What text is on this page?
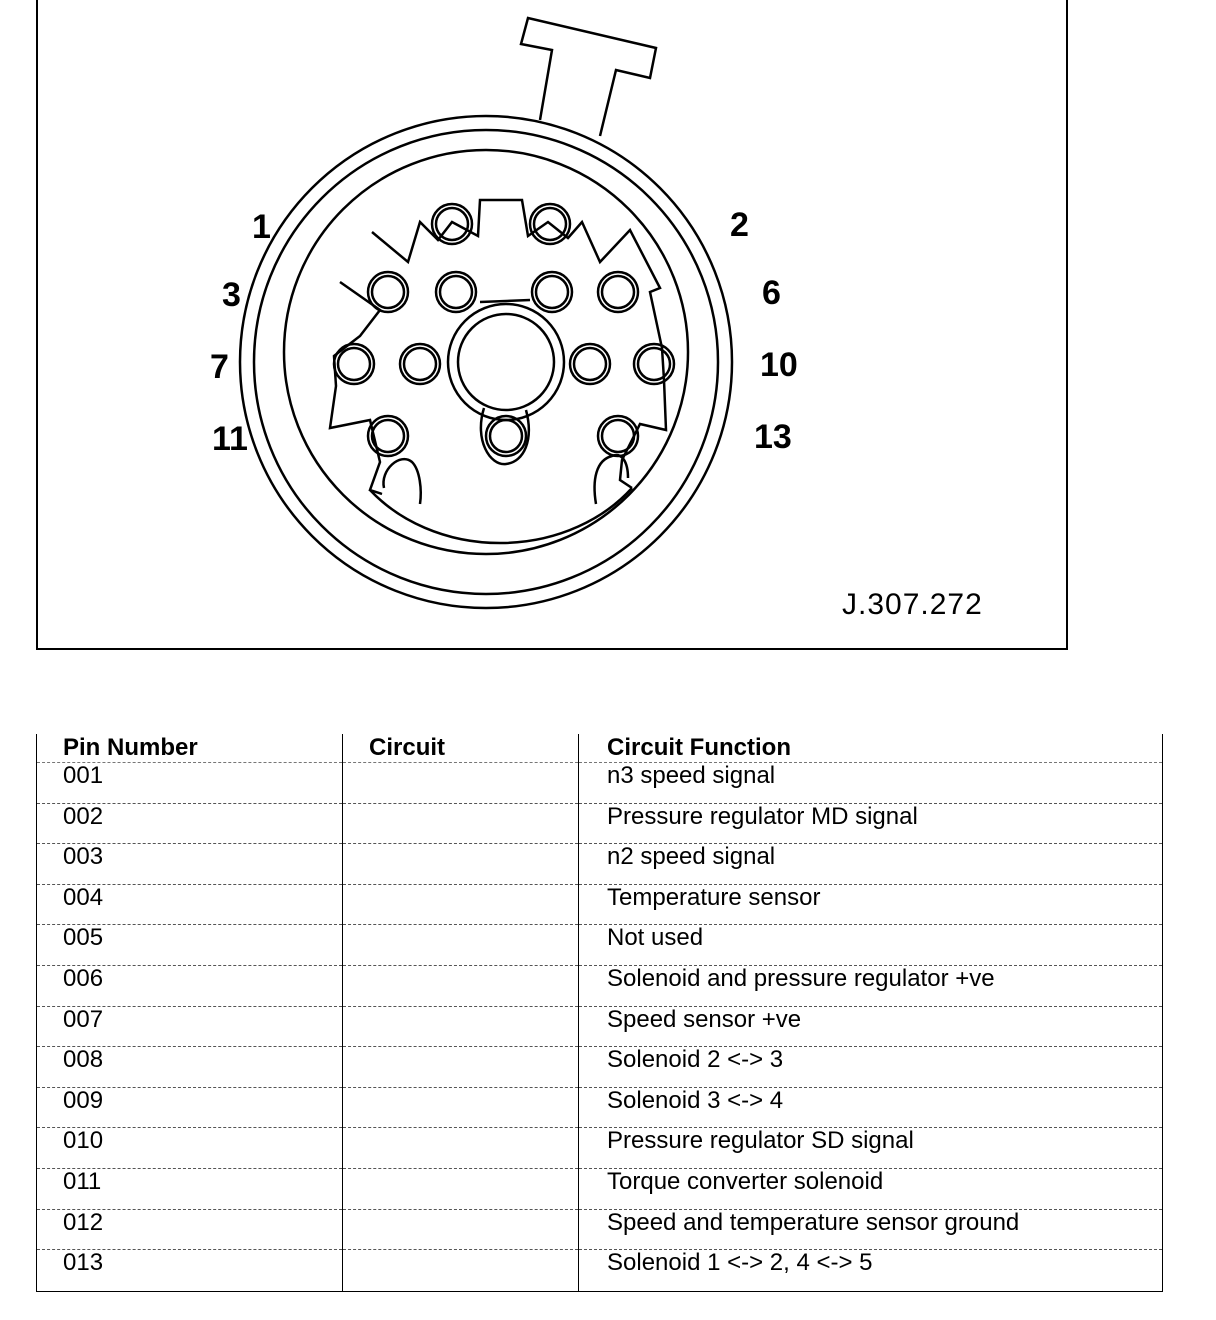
1	2
3	6
7	10
11	13
J.307.272
Pin Number	Circuit	Circuit Function
001		n3 speed signal
002		Pressure regulator MD signal
003		n2 speed signal
004		Temperature sensor
005		Not used
006		Solenoid and pressure regulator +ve
007		Speed sensor +ve
008		Solenoid 2 <-> 3
009		Solenoid 3 <-> 4
010		Pressure regulator SD signal
011		Torque converter solenoid
012		Speed and temperature sensor ground
013		Solenoid 1 <-> 2, 4 <-> 5
